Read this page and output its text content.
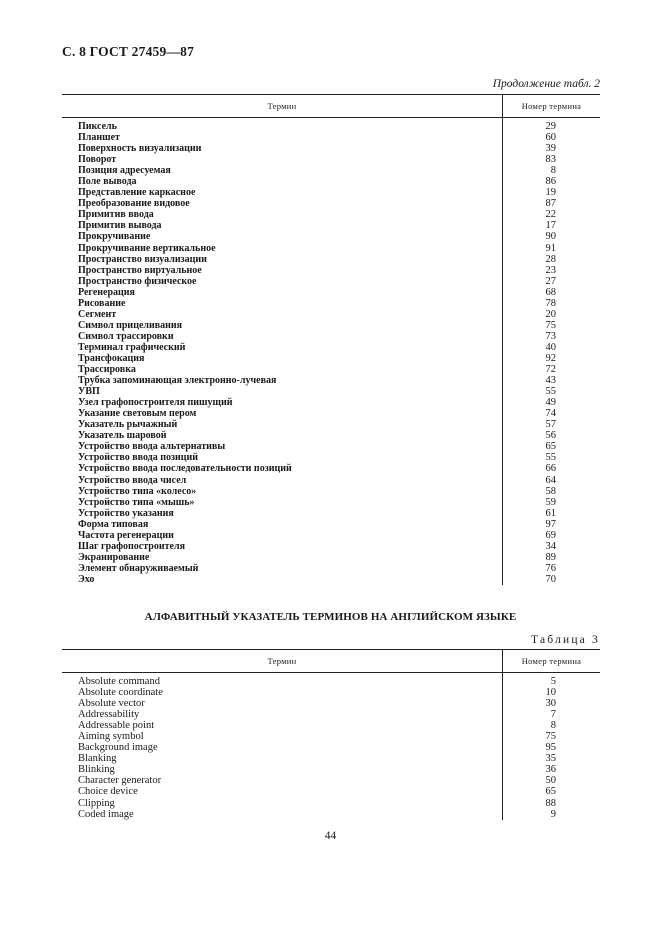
С. 8 ГОСТ 27459—87
Продолжение табл. 2
Термин	Номер термина
Пиксель	29
Планшет	60
Поверхность визуализации	39
Поворот	83
Позиция адресуемая	8
Поле вывода	86
Представление каркасное	19
Преобразование видовое	87
Примитив ввода	22
Примитив вывода	17
Прокручивание	90
Прокручивание вертикальное	91
Пространство визуализации	28
Пространство виртуальное	23
Пространство физическое	27
Регенерация	68
Рисование	78
Сегмент	20
Символ прицеливания	75
Символ трассировки	73
Терминал графический	40
Трансфокация	92
Трассировка	72
Трубка запоминающая электронно-лучевая	43
УВП	55
Узел графопостроителя пишущий	49
Указание световым пером	74
Указатель рычажный	57
Указатель шаровой	56
Устройство ввода альтернативы	65
Устройство ввода позиций	55
Устройство ввода последовательности позиций	66
Устройство ввода чисел	64
Устройство типа «колесо»	58
Устройство типа «мышь»	59
Устройство указания	61
Форма типовая	97
Частота регенерации	69
Шаг графопостроителя	34
Экранирование	89
Элемент обнаруживаемый	76
Эхо	70
АЛФАВИТНЫЙ УКАЗАТЕЛЬ ТЕРМИНОВ НА АНГЛИЙСКОМ ЯЗЫКЕ
Таблица 3
Термин	Номер термина
Absolute command	5
Absolute coordinate	10
Absolute vector	30
Addressability	7
Addressable point	8
Aiming symbol	75
Background image	95
Blanking	35
Blinking	36
Character generator	50
Choice device	65
Clipping	88
Coded image	9
44
